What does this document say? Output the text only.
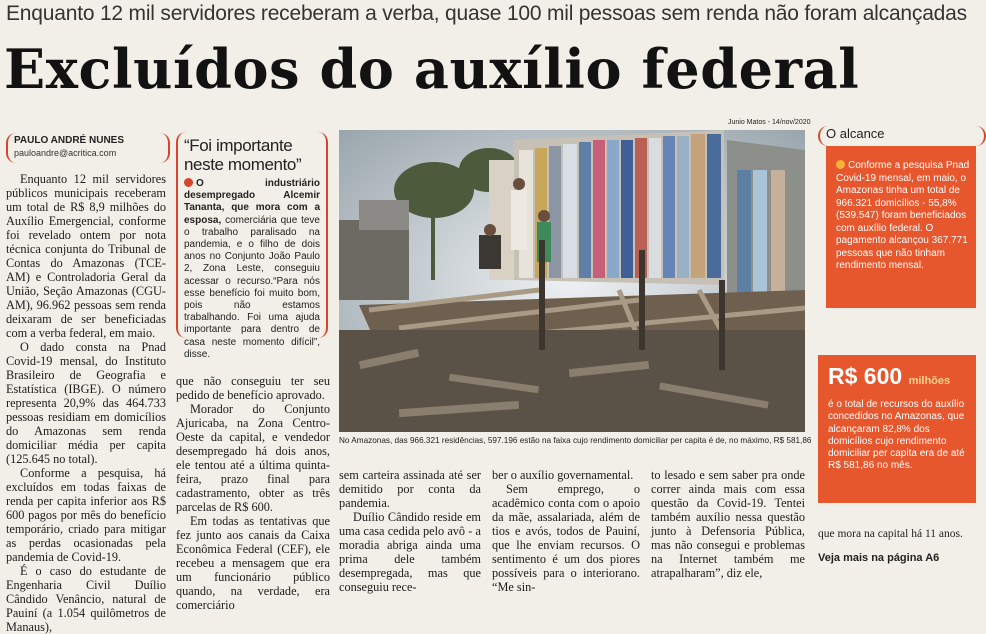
Enquanto 12 mil servidores receberam a verba, quase 100 mil pessoas sem renda não foram alcançadas
Excluídos do auxílio federal
PAULO ANDRÉ NUNES
pauloandre@acritica.com

Enquanto 12 mil servidores públicos municipais receberam um total de R$ 8,9 milhões do Auxílio Emergencial, conforme foi revelado ontem por nota técnica conjunta do Tribunal de Contas do Amazonas (TCE-AM) e Controladoria Geral da União, Seção Amazonas (CGU-AM), 96.962 pessoas sem renda deixaram de ser beneficiadas com a verba federal, em maio.

O dado consta na Pnad Covid-19 mensal, do Instituto Brasileiro de Geografia e Estatística (IBGE). O número representa 20,9% das 464.733 pessoas residiam em domicílios do Amazonas sem renda domiciliar média per capita (125.645 no total).

Conforme a pesquisa, há excluídos em todas faixas de renda per capita inferior aos R$ 600 pagos por mês do benefício temporário, criado para mitigar as perdas ocasionadas pela pandemia de Covid-19.

É o caso do estudante de Engenharia Civil Duílio Cândido Venâncio, natural de Pauiní (a 1.054 quilômetros de Manaus),

“Foi importante neste momento”
O industriário desempregado Alcemir Tananta, que mora com a esposa, comerciária que teve o trabalho paralisado na pandemia, e o filho de dois anos no Conjunto João Paulo 2, Zona Leste, conseguiu acessar o recurso.“Para nós esse benefício foi muito bom, pois não estamos trabalhando. Foi uma ajuda importante para dentro de casa neste momento difícil”, disse.

que não conseguiu ter seu pedido de benefício aprovado.

Morador do Conjunto Ajuricaba, na Zona Centro-Oeste da capital, e vendedor desempregado há dois anos, ele tentou até a última quinta-feira, prazo final para cadastramento, obter as três parcelas de R$ 600.

Em todas as tentativas que fez junto aos canais da Caixa Econômica Federal (CEF), ele recebeu a mensagem que era um funcionário público quando, na verdade, era comerciário

Junio Matos - 14/nov/2020
No Amazonas, das 966.321 residências, 597.196 estão na faixa cujo rendimento domiciliar per capita é de, no máximo, R$ 581,86

sem carteira assinada até ser demitido por conta da pandemia.

Duílio Cândido reside em uma casa cedida pelo avô - a moradia abriga ainda uma prima dele também desempregada, mas que conseguiu rece-

ber o auxílio governamental.

Sem emprego, o acadêmico conta com o apoio da mãe, assalariada, além de tios e avós, todos de Pauiní, que lhe enviam recursos. O sentimento é um dos piores possíveis para o interiorano. “Me sin-

to lesado e sem saber pra onde correr ainda mais com essa questão da Covid-19. Tentei também auxílio nessa questão junto à Defensoria Pública, mas não consegui e problemas na Internet também me atrapalharam”, diz ele,

O alcance
Conforme a pesquisa Pnad Covid-19 mensal, em maio, o Amazonas tinha um total de 966.321 domicílios - 55,8% (539.547) foram beneficiados com auxílio federal. O pagamento alcançou 367.771 pessoas que não tinham rendimento mensal.
R$ 600 milhões
é o total de recursos do auxílio concedidos no Amazonas, que alcançaram 82,8% dos domicílios cujo rendimento domiciliar per capita era de até R$ 581,86 no mês.
que mora na capital há 11 anos.
Veja mais na página A6
